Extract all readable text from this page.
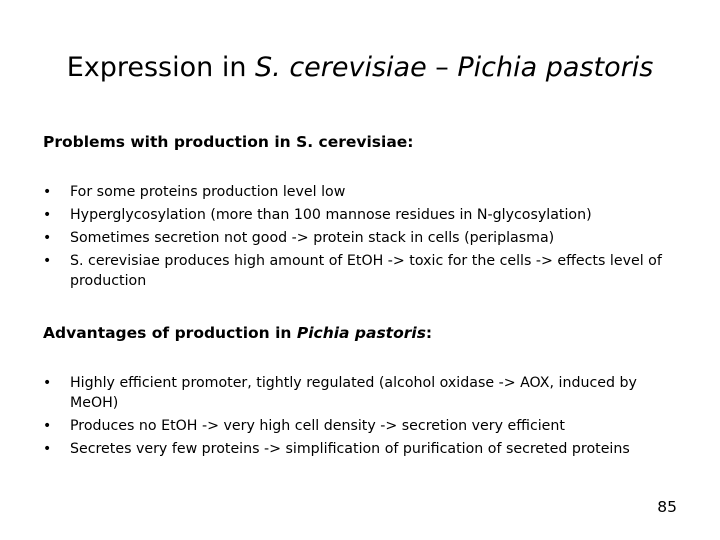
Expression in S. cerevisiae – Pichia pastoris
Problems with production in S. cerevisiae:
• For some proteins production level low
• Hyperglycosylation (more than 100 mannose residues in N-glycosylation)
• Sometimes secretion not good -> protein stack in cells (periplasma)
• S. cerevisiae produces high amount of EtOH -> toxic for the cells -> effects level of production
Advantages of production in Pichia pastoris:
• Highly efficient promoter, tightly regulated (alcohol oxidase -> AOX, induced by MeOH)
• Produces no EtOH -> very high cell density -> secretion very efficient
• Secretes very few proteins -> simplification of purification of secreted proteins
85
